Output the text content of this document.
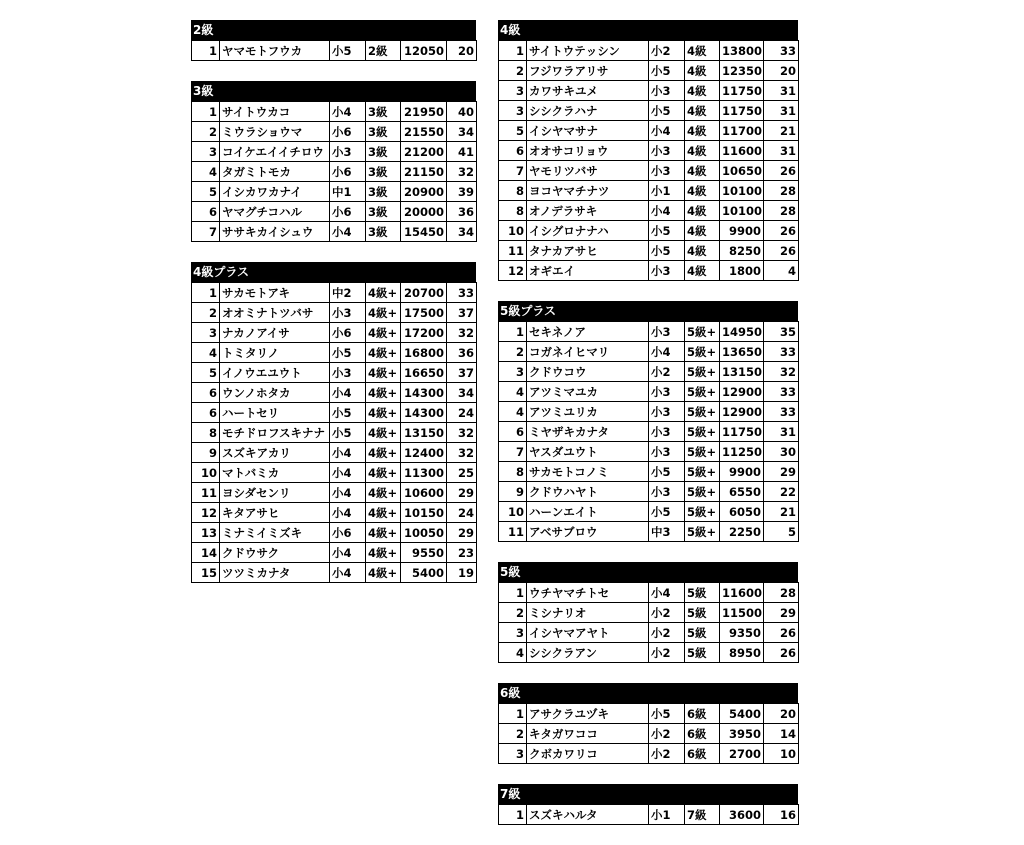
2級
1	ヤマモトフウカ	小5	2級	12050	20
3級
1	サイトウカコ	小4	3級	21950	40
2	ミウラショウマ	小6	3級	21550	34
3	コイケエイイチロウ	小3	3級	21200	41
4	タガミトモカ	小6	3級	21150	32
5	イシカワカナイ	中1	3級	20900	39
6	ヤマグチコハル	小6	3級	20000	36
7	ササキカイシュウ	小4	3級	15450	34
4級プラス
1	サカモトアキ	中2	4級+	20700	33
2	オオミナトツバサ	小3	4級+	17500	37
3	ナカノアイサ	小6	4級+	17200	32
4	トミタリノ	小5	4級+	16800	36
5	イノウエユウト	小3	4級+	16650	37
6	ウンノホタカ	小4	4級+	14300	34
6	ハートセリ	小5	4級+	14300	24
8	モチドロフスキナナ	小5	4級+	13150	32
9	スズキアカリ	小4	4級+	12400	32
10	マトバミカ	小4	4級+	11300	25
11	ヨシダセンリ	小4	4級+	10600	29
12	キタアサヒ	小4	4級+	10150	24
13	ミナミイミズキ	小6	4級+	10050	29
14	クドウサク	小4	4級+	9550	23
15	ツツミカナタ	小4	4級+	5400	19
4級
1	サイトウテッシン	小2	4級	13800	33
2	フジワラアリサ	小5	4級	12350	20
3	カワサキユメ	小3	4級	11750	31
3	シシクラハナ	小5	4級	11750	31
5	イシヤマサナ	小4	4級	11700	21
6	オオサコリョウ	小3	4級	11600	31
7	ヤモリツバサ	小3	4級	10650	26
8	ヨコヤマチナツ	小1	4級	10100	28
8	オノデラサキ	小4	4級	10100	28
10	イシグロナナハ	小5	4級	9900	26
11	タナカアサヒ	小5	4級	8250	26
12	オギエイ	小3	4級	1800	4
5級プラス
1	セキネノア	小3	5級+	14950	35
2	コガネイヒマリ	小4	5級+	13650	33
3	クドウコウ	小2	5級+	13150	32
4	アツミマユカ	小3	5級+	12900	33
4	アツミユリカ	小3	5級+	12900	33
6	ミヤザキカナタ	小3	5級+	11750	31
7	ヤスダユウト	小3	5級+	11250	30
8	サカモトコノミ	小5	5級+	9900	29
9	クドウハヤト	小3	5級+	6550	22
10	ハーンエイト	小5	5級+	6050	21
11	アベサブロウ	中3	5級+	2250	5
5級
1	ウチヤマチトセ	小4	5級	11600	28
2	ミシナリオ	小2	5級	11500	29
3	イシヤマアヤト	小2	5級	9350	26
4	シシクラアン	小2	5級	8950	26
6級
1	アサクラユヅキ	小5	6級	5400	20
2	キタガワココ	小2	6級	3950	14
3	クボカワリコ	小2	6級	2700	10
7級
1	スズキハルタ	小1	7級	3600	16
